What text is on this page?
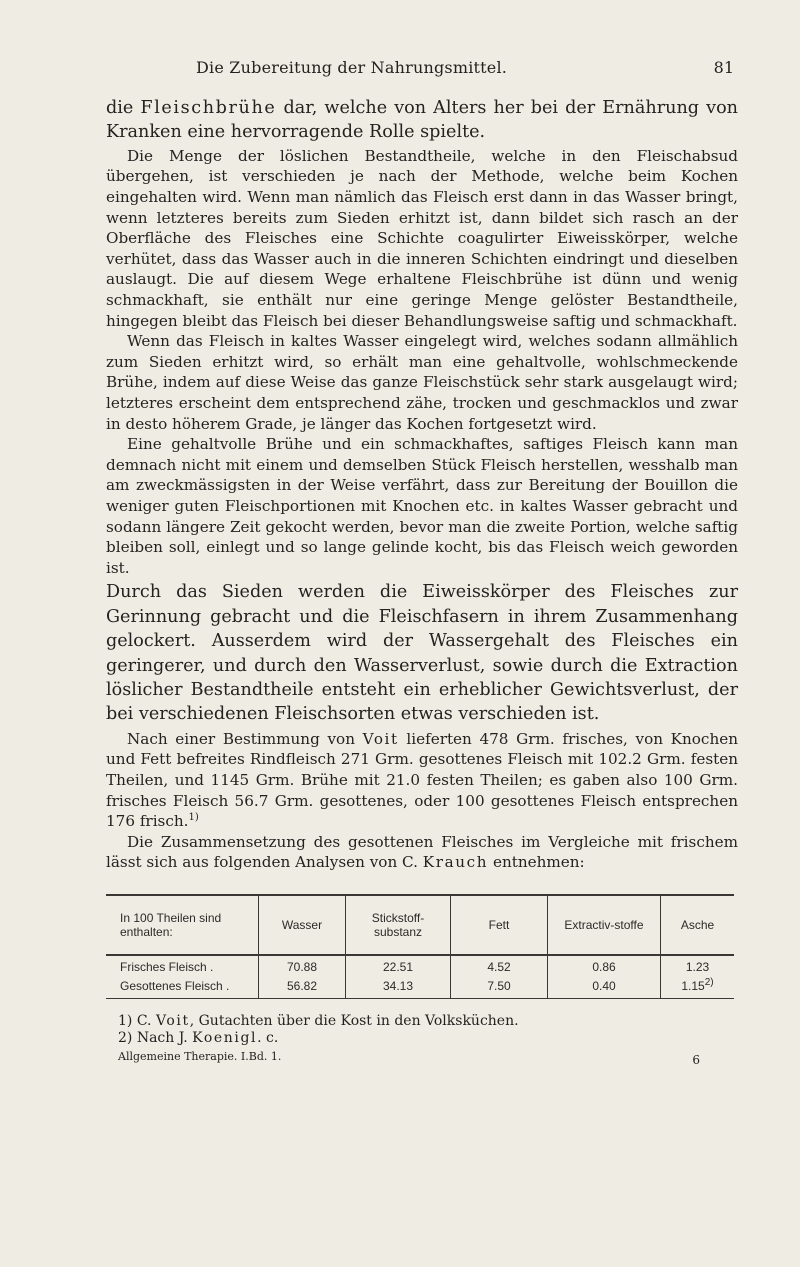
Die Zubereitung der Nahrungsmittel.	81

die Fleischbrühe dar, welche von Alters her bei der Ernährung von Kranken eine hervorragende Rolle spielte.

Die Menge der löslichen Bestandtheile, welche in den Fleischabsud übergehen, ist verschieden je nach der Methode, welche beim Kochen eingehalten wird. Wenn man nämlich das Fleisch erst dann in das Wasser bringt, wenn letzteres bereits zum Sieden erhitzt ist, dann bildet sich rasch an der Oberfläche des Fleisches eine Schichte coagulirter Eiweisskörper, welche verhütet, dass das Wasser auch in die inneren Schichten eindringt und dieselben auslaugt. Die auf diesem Wege erhaltene Fleischbrühe ist dünn und wenig schmackhaft, sie enthält nur eine geringe Menge gelöster Bestandtheile, hingegen bleibt das Fleisch bei dieser Behandlungsweise saftig und schmackhaft.

Wenn das Fleisch in kaltes Wasser eingelegt wird, welches sodann allmählich zum Sieden erhitzt wird, so erhält man eine gehaltvolle, wohlschmeckende Brühe, indem auf diese Weise das ganze Fleischstück sehr stark ausgelaugt wird; letzteres erscheint dem entsprechend zähe, trocken und geschmacklos und zwar in desto höherem Grade, je länger das Kochen fortgesetzt wird.

Eine gehaltvolle Brühe und ein schmackhaftes, saftiges Fleisch kann man demnach nicht mit einem und demselben Stück Fleisch herstellen, wesshalb man am zweckmässigsten in der Weise verfährt, dass zur Bereitung der Bouillon die weniger guten Fleischportionen mit Knochen etc. in kaltes Wasser gebracht und sodann längere Zeit gekocht werden, bevor man die zweite Portion, welche saftig bleiben soll, einlegt und so lange gelinde kocht, bis das Fleisch weich geworden ist.

Durch das Sieden werden die Eiweisskörper des Fleisches zur Gerinnung gebracht und die Fleischfasern in ihrem Zusammenhang gelockert. Ausserdem wird der Wassergehalt des Fleisches ein geringerer, und durch den Wasserverlust, sowie durch die Extraction löslicher Bestandtheile entsteht ein erheblicher Gewichtsverlust, der bei verschiedenen Fleischsorten etwas verschieden ist.

Nach einer Bestimmung von Voit lieferten 478 Grm. frisches, von Knochen und Fett befreites Rindfleisch 271 Grm. gesottenes Fleisch mit 102.2 Grm. festen Theilen, und 1145 Grm. Brühe mit 21.0 festen Theilen; es gaben also 100 Grm. frisches Fleisch 56.7 Grm. gesottenes, oder 100 gesottenes Fleisch entsprechen 176 frisch.$^{1)}$

Die Zusammensetzung des gesottenen Fleisches im Vergleiche mit frischem lässt sich aus folgenden Analysen von C. Krauch entnehmen:

In 100 Theilen sind enthalten:	Wasser	Stickstoff-substanz	Fett	Extractiv-stoffe	Asche
Frisches Fleisch .	70.88	22.51	4.52	0.86	1.23
Gesottenes Fleisch .	56.82	34.13	7.50	0.40	1.15$^{2)}$
1) C. Voit, Gutachten über die Kost in den Volksküchen.
2) Nach J. Koenigl. c.
Allgemeine Therapie. I.Bd. 1.	6
